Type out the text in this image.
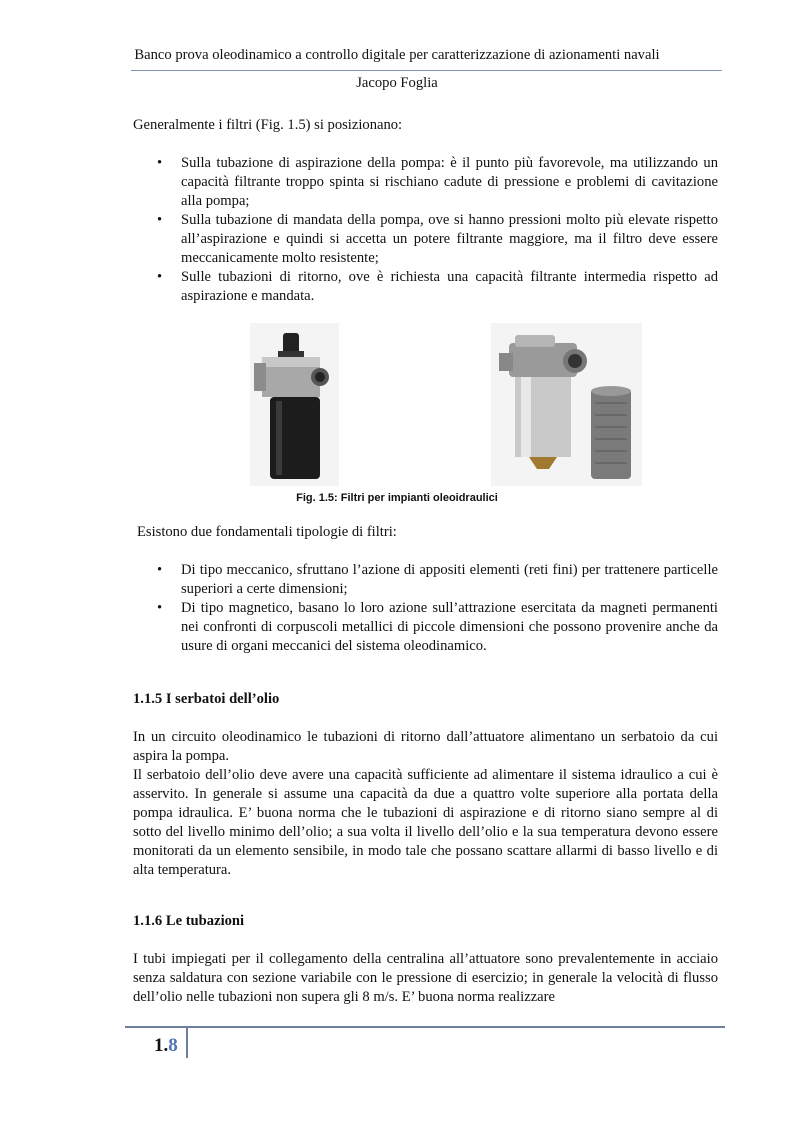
Banco prova oleodinamico a controllo digitale per caratterizzazione di azionamenti navali
Jacopo Foglia

Generalmente i filtri (Fig. 1.5) si posizionano:

• Sulla tubazione di aspirazione della pompa: è il punto più favorevole, ma utilizzando un capacità filtrante troppo spinta si rischiano cadute di pressione e problemi di cavitazione alla pompa;
• Sulla tubazione di mandata della pompa, ove si hanno pressioni molto più elevate rispetto all’aspirazione e quindi si accetta un potere filtrante maggiore, ma il filtro deve essere meccanicamente molto resistente;
• Sulle tubazioni di ritorno, ove è richiesta una capacità filtrante intermedia rispetto ad aspirazione e mandata.
Fig. 1.5: Filtri per impianti oleoidraulici

Esistono due fondamentali tipologie di filtri:

• Di tipo meccanico, sfruttano l’azione di appositi elementi (reti fini) per trattenere particelle superiori a certe dimensioni;
• Di tipo magnetico, basano lo loro azione sull’attrazione esercitata da magneti permanenti nei confronti di corpuscoli metallici di piccole dimensioni che possono provenire anche da usure di organi meccanici del sistema oleodinamico.
1.1.5 I serbatoi dell’olio

In un circuito oleodinamico le tubazioni di ritorno dall’attuatore alimentano un serbatoio da cui aspira la pompa.

Il serbatoio dell’olio deve avere una capacità sufficiente ad alimentare il sistema idraulico a cui è asservito. In generale si assume una capacità da due a quattro volte superiore alla portata della pompa idraulica. E’ buona norma che le tubazioni di aspirazione e di ritorno siano sempre al di sotto del livello minimo dell’olio; a sua volta il livello dell’olio e la sua temperatura devono essere monitorati da un elemento sensibile, in modo tale che possano scattare allarmi di basso livello e di alta temperatura.

1.1.6 Le tubazioni

I tubi impiegati per il collegamento della centralina all’attuatore sono prevalentemente in acciaio senza saldatura con sezione variabile con le pressione di esercizio; in generale la velocità di flusso dell’olio nelle tubazioni non supera gli 8 m/s. E’ buona norma realizzare

1.8
